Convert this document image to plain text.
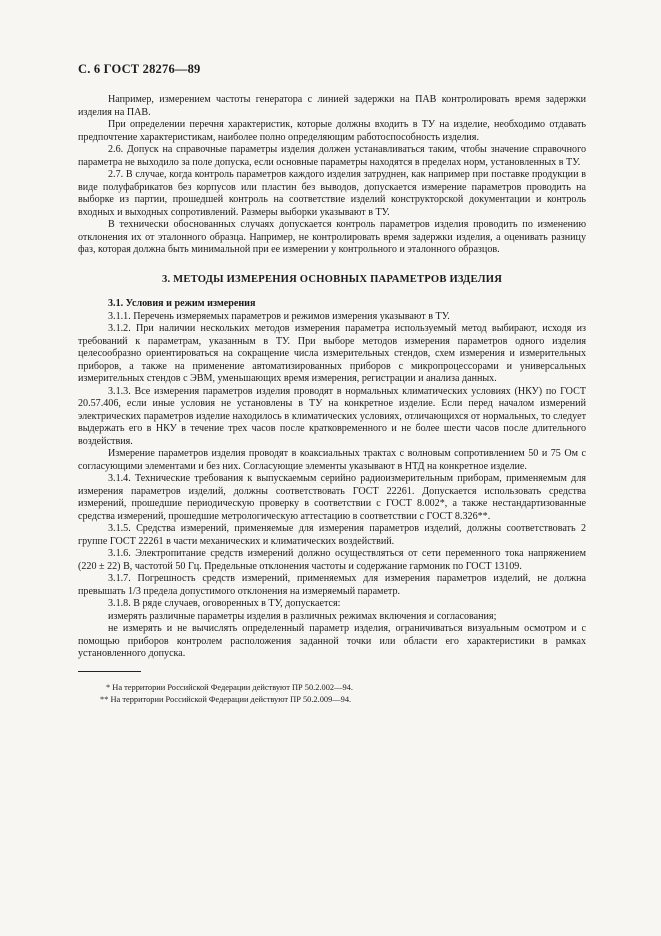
С. 6 ГОСТ 28276—89

Например, измерением частоты генератора с линией задержки на ПАВ контролировать время задержки изделия на ПАВ.

При определении перечня характеристик, которые должны входить в ТУ на изделие, необходимо отдавать предпочтение характеристикам, наиболее полно определяющим работоспособность изделия.

2.6. Допуск на справочные параметры изделия должен устанавливаться таким, чтобы значение справочного параметра не выходило за поле допуска, если основные параметры находятся в пределах норм, установленных в ТУ.

2.7. В случае, когда контроль параметров каждого изделия затруднен, как например при поставке продукции в виде полуфабрикатов без корпусов или пластин без выводов, допускается измерение параметров проводить на выборке из партии, прошедшей контроль на соответствие изделий конструкторской документации и контроль входных и выходных сопротивлений. Размеры выборки указывают в ТУ.

В технически обоснованных случаях допускается контроль параметров изделия проводить по изменению отклонения их от эталонного образца. Например, не контролировать время задержки изделия, а оценивать разницу фаз, которая должна быть минимальной при ее измерении у контрольного и эталонного образцов.

3. МЕТОДЫ ИЗМЕРЕНИЯ ОСНОВНЫХ ПАРАМЕТРОВ ИЗДЕЛИЯ

3.1. Условия и режим измерения

3.1.1. Перечень измеряемых параметров и режимов измерения указывают в ТУ.

3.1.2. При наличии нескольких методов измерения параметра используемый метод выбирают, исходя из требований к параметрам, указанным в ТУ. При выборе методов измерения параметров одного изделия целесообразно ориентироваться на сокращение числа измерительных стендов, схем измерения и измерительных приборов, а также на применение автоматизированных приборов с микропроцессорами и универсальных измерительных стендов с ЭВМ, уменьшающих время измерения, регистрации и анализа данных.

3.1.3. Все измерения параметров изделия проводят в нормальных климатических условиях (НКУ) по ГОСТ 20.57.406, если иные условия не установлены в ТУ на конкретное изделие. Если перед началом измерений электрических параметров изделие находилось в климатических условиях, отличающихся от нормальных, то следует выдержать его в НКУ в течение трех часов после кратковременного и не более шести часов после длительного воздействия.

Измерение параметров изделия проводят в коаксиальных трактах с волновым сопротивлением 50 и 75 Ом с согласующими элементами и без них. Согласующие элементы указывают в НТД на конкретное изделие.

3.1.4. Технические требования к выпускаемым серийно радиоизмерительным приборам, применяемым для измерения параметров изделий, должны соответствовать ГОСТ 22261. Допускается использовать средства измерений, прошедшие периодическую проверку в соответствии с ГОСТ 8.002*, а также нестандартизованные средства измерений, прошедшие метрологическую аттестацию в соответствии с ГОСТ 8.326**.

3.1.5. Средства измерений, применяемые для измерения параметров изделий, должны соответствовать 2 группе ГОСТ 22261 в части механических и климатических воздействий.

3.1.6. Электропитание средств измерений должно осуществляться от сети переменного тока напряжением (220 ± 22) В, частотой 50 Гц. Предельные отклонения частоты и содержание гармоник по ГОСТ 13109.

3.1.7. Погрешность средств измерений, применяемых для измерения параметров изделий, не должна превышать 1/3 предела допустимого отклонения на измеряемый параметр.

3.1.8. В ряде случаев, оговоренных в ТУ, допускается:

измерять различные параметры изделия в различных режимах включения и согласования;

не измерять и не вычислять определенный параметр изделия, ограничиваться визуальным осмотром и с помощью приборов контролем расположения заданной точки или области его характеристики в рамках установленного допуска.

* На территории Российской Федерации действуют ПР 50.2.002—94.

** На территории Российской Федерации действуют ПР 50.2.009—94.
